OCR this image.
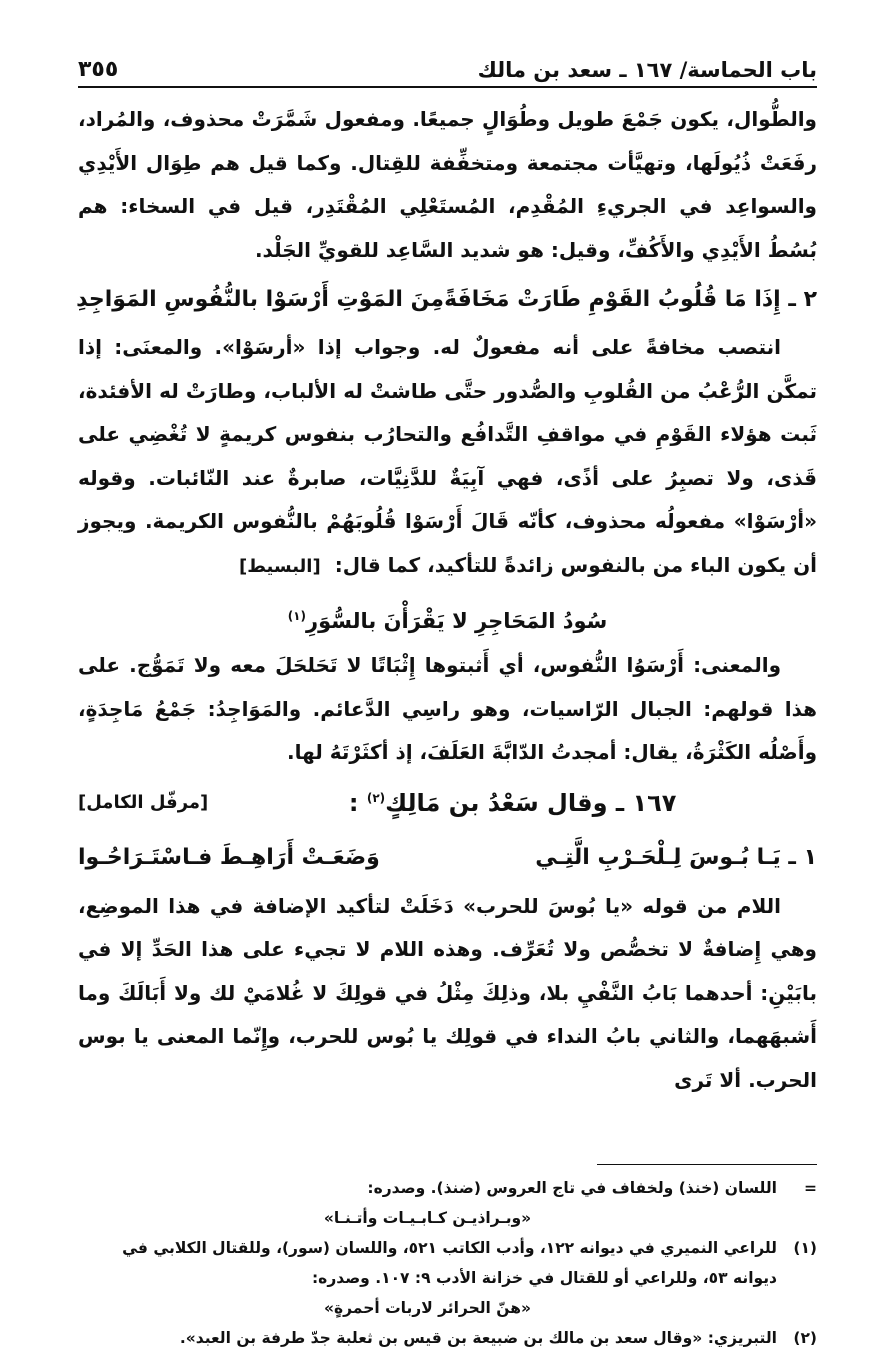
باب الحماسة/ ١٦٧ ـ سعد بن مالك
٣٥٥

والطُّوال، يكون جَمْعَ طويل وطُوَالٍ جميعًا. ومفعول شَمَّرَتْ محذوف، والمُراد، رفَعَتْ ذُيُولَها، وتهيَّأت مجتمعة ومتخفِّفة للقِتال. وكما قيل هم طِوَال الأَيْدِي والسواعِد في الجريءِ المُقْدِم، المُستَعْلِي المُقْتَدِر، قيل في السخاء: هم بُسُطُ الأَيْدِي والأَكُفِّ، وقيل: هو شديد السَّاعِد للقويِّ الجَلْد.

٢ ـ إِذَا مَا قُلُوبُ القَوْمِ طَارَتْ مَخَافَةً
مِنَ المَوْتِ أَرْسَوْا بالنُّفُوسِ المَوَاجِدِ

انتصب مخافةً على أنه مفعولٌ له. وجواب إذا «أرسَوْا». والمعنَى: إذا تمكَّن الرُّعْبُ من القُلوبِ والصُّدور حتَّى طاشتْ له الألباب، وطارَتْ له الأفئدة، ثَبت هؤلاء القَوْمِ في مواقفِ التَّدافُع والتحارُب بنفوس كريمةٍ لا تُغْضِي على قَذى، ولا تصبِرُ على أذًى، فهي آبِيَةٌ للدَّنِيَّات، صابرةٌ عند النّائبات. وقوله «أرْسَوْا» مفعولُه محذوف، كأنّه قَالَ أَرْسَوْا قُلُوبَهُمْ بالنُّفوس الكريمة. ويجوز أن يكون الباء من بالنفوس زائدةً للتأكيد، كما قال:[البسيط]

سُودُ المَحَاجِرِ لا يَقْرَأْنَ بالسُّوَرِ$^{(١)}$

والمعنى: أَرْسَوُا النُّفوس، أي أَثبتوها إِثْبَاتًا لا تَحَلحَلَ معه ولا تَمَوُّج. على هذا قولهم: الجبال الرّاسيات، وهو راسِي الدَّعائم. والمَوَاجِدُ: جَمْعُ مَاجِدَةٍ، وأَصْلُه الكَثْرَةُ، يقال: أمجدتُ الدّابَّةَ العَلَفَ، إذ أكثَرْتَهُ لها.

١٦٧ ـ وقال سَعْدُ بن مَالِكٍ$^{(٢)}$ :
[مرفّل الكامل]
١ ـ يَـا بُـوسَ لِـلْحَـرْبِ الَّتِـي
وَضَعَـتْ أَرَاهِـطَ فـاسْتَـرَاحُـوا

اللام من قوله «يا بُوسَ للحرب» دَخَلَتْ لتأكيد الإضافة في هذا الموضِع، وهي إِضافةٌ لا تخصُّص ولا تُعَرِّف. وهذه اللام لا تجيء على هذا الحَدِّ إلا في بابَيْنِ: أحدهما بَابُ النَّفْيِ بلا، وذلِكَ مِثْلُ في قولِكَ لا غُلامَيْ لك ولا أَبَالَكَ وما أَشبهَهما، والثاني بابُ النداء في قولِك يا بُوس للحرب، وإِنّما المعنى يا بوس الحرب. ألا تَرى

=
اللسان (خنذ) ولخفاف في تاج العروس (ضنذ). وصدره:
«وبـراذيـن كـابـيـات وأتـنـا»
(١)
للراعي النميري في ديوانه ١٢٢، وأدب الكاتب ٥٢١، واللسان (سور)، وللقتال الكلابي في ديوانه ٥٣، وللراعي أو للقتال في خزانة الأدب ٩: ١٠٧. وصدره:
«هنّ الحرائر لاربات أحمرةٍ»
(٢)
التبريزي: «وقال سعد بن مالك بن ضبيعة بن قيس بن ثعلبة جدّ طرفة بن العبد».
